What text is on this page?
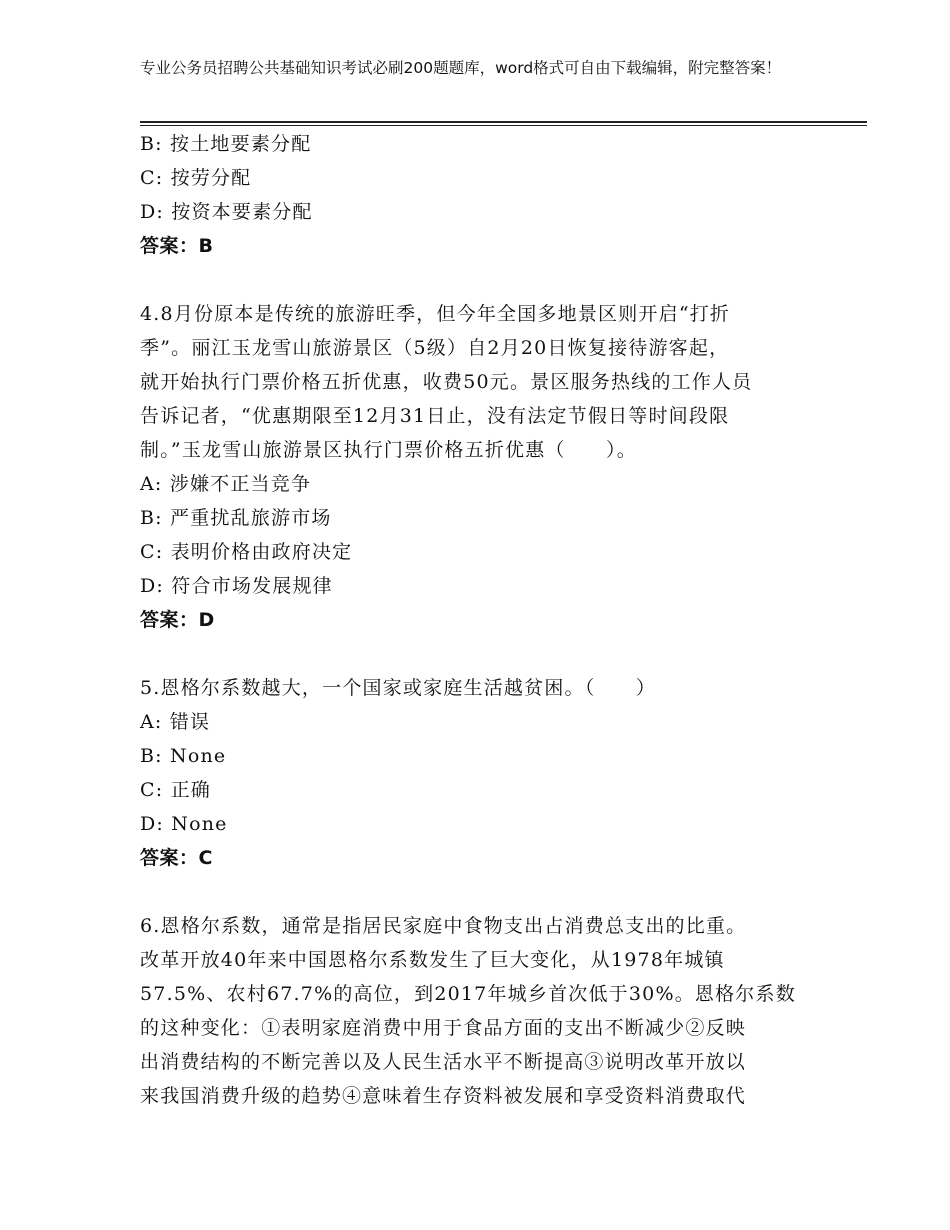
专业公务员招聘公共基础知识考试必刷200题题库，word格式可自由下载编辑，附完整答案！
B: 按土地要素分配
C: 按劳分配
D: 按资本要素分配
答案：B
4.8月份原本是传统的旅游旺季，但今年全国多地景区则开启“打折
季”。丽江玉龙雪山旅游景区（5级）自2月20日恢复接待游客起，
就开始执行门票价格五折优惠，收费50元。景区服务热线的工作人员
告诉记者，“优惠期限至12月31日止，没有法定节假日等时间段限
制。”玉龙雪山旅游景区执行门票价格五折优惠（　　）。
A: 涉嫌不正当竞争
B: 严重扰乱旅游市场
C: 表明价格由政府决定
D: 符合市场发展规律
答案：D
5.恩格尔系数越大，一个国家或家庭生活越贫困。（　　）
A: 错误
B: None
C: 正确
D: None
答案：C
6.恩格尔系数，通常是指居民家庭中食物支出占消费总支出的比重。
改革开放40年来中国恩格尔系数发生了巨大变化，从1978年城镇
57.5%、农村67.7%的高位，到2017年城乡首次低于30%。恩格尔系数
的这种变化：①表明家庭消费中用于食品方面的支出不断减少②反映
出消费结构的不断完善以及人民生活水平不断提高③说明改革开放以
来我国消费升级的趋势④意味着生存资料被发展和享受资料消费取代
